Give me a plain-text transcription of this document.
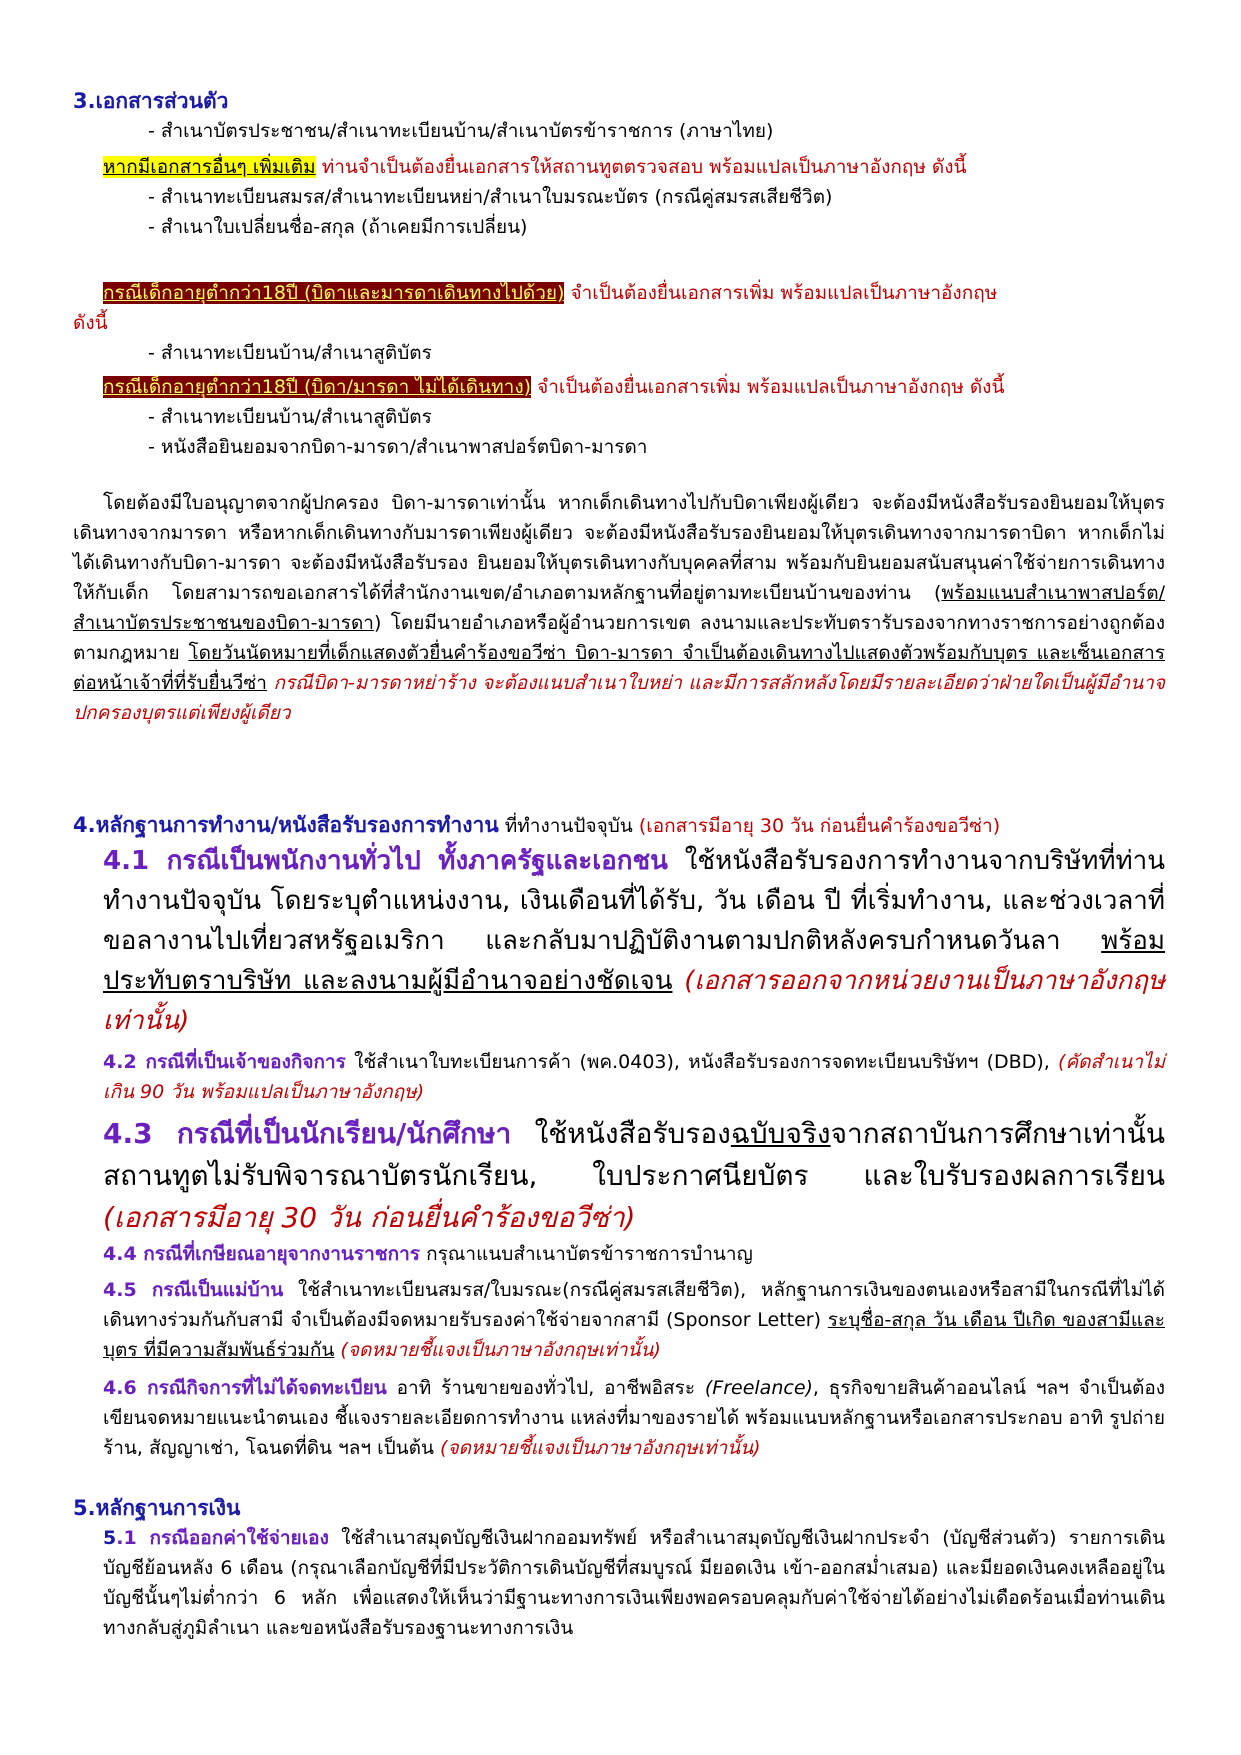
3.เอกสารส่วนตัว

- สำเนาบัตรประชาชน/สำเนาทะเบียนบ้าน/สำเนาบัตรข้าราชการ (ภาษาไทย)

หากมีเอกสารอื่นๆ เพิ่มเติม ท่านจำเป็นต้องยื่นเอกสารให้สถานทูตตรวจสอบ พร้อมแปลเป็นภาษาอังกฤษ ดังนี้

- สำเนาทะเบียนสมรส/สำเนาทะเบียนหย่า/สำเนาใบมรณะบัตร (กรณีคู่สมรสเสียชีวิต)

- สำเนาใบเปลี่ยนชื่อ-สกุล (ถ้าเคยมีการเปลี่ยน)

กรณีเด็กอายุต่ำกว่า18ปี (บิดาและมารดาเดินทางไปด้วย) จำเป็นต้องยื่นเอกสารเพิ่ม พร้อมแปลเป็นภาษาอังกฤษ

ดังนี้

- สำเนาทะเบียนบ้าน/สำเนาสูติบัตร

กรณีเด็กอายุต่ำกว่า18ปี (บิดา/มารดา ไม่ได้เดินทาง) จำเป็นต้องยื่นเอกสารเพิ่ม พร้อมแปลเป็นภาษาอังกฤษ ดังนี้

- สำเนาทะเบียนบ้าน/สำเนาสูติบัตร

- หนังสือยินยอมจากบิดา-มารดา/สำเนาพาสปอร์ตบิดา-มารดา

โดยต้องมีใบอนุญาตจากผู้ปกครอง บิดา-มารดาเท่านั้น หากเด็กเดินทางไปกับบิดาเพียงผู้เดียว จะต้องมีหนังสือรับรองยินยอมให้บุตรเดินทางจากมารดา หรือหากเด็กเดินทางกับมารดาเพียงผู้เดียว จะต้องมีหนังสือรับรองยินยอมให้บุตรเดินทางจากมารดาบิดา หากเด็กไม่ได้เดินทางกับบิดา-มารดา จะต้องมีหนังสือรับรอง ยินยอมให้บุตรเดินทางกับบุคคลที่สาม พร้อมกับยินยอมสนับสนุนค่าใช้จ่ายการเดินทางให้กับเด็ก โดยสามารถขอเอกสารได้ที่สำนักงานเขต/อำเภอตามหลักฐานที่อยู่ตามทะเบียนบ้านของท่าน (พร้อมแนบสำเนาพาสปอร์ต/สำเนาบัตรประชาชนของบิดา-มารดา) โดยมีนายอำเภอหรือผู้อำนวยการเขต ลงนามและประทับตรารับรองจากทางราชการอย่างถูกต้องตามกฎหมาย โดยวันนัดหมายที่เด็กแสดงตัวยื่นคำร้องขอวีซ่า บิดา-มารดา จำเป็นต้องเดินทางไปแสดงตัวพร้อมกับบุตร และเซ็นเอกสารต่อหน้าเจ้าที่ที่รับยื่นวีซ่า กรณีบิดา-มารดาหย่าร้าง จะต้องแนบสำเนาใบหย่า และมีการสลักหลังโดยมีรายละเอียดว่าฝ่ายใดเป็นผู้มีอำนาจปกครองบุตรแต่เพียงผู้เดียว

4.หลักฐานการทำงาน/หนังสือรับรองการทำงาน ที่ทำงานปัจจุบัน (เอกสารมีอายุ 30 วัน ก่อนยื่นคำร้องขอวีซ่า)

4.1 กรณีเป็นพนักงานทั่วไป ทั้งภาครัฐและเอกชน ใช้หนังสือรับรองการทำงานจากบริษัทที่ท่านทำงานปัจจุบัน โดยระบุตำแหน่งงาน, เงินเดือนที่ได้รับ, วัน เดือน ปี ที่เริ่มทำงาน, และช่วงเวลาที่ขอลางานไปเที่ยวสหรัฐอเมริกา และกลับมาปฏิบัติงานตามปกติหลังครบกำหนดวันลา พร้อมประทับตราบริษัท และลงนามผู้มีอำนาจอย่างชัดเจน (เอกสารออกจากหน่วยงานเป็นภาษาอังกฤษเท่านั้น)

4.2 กรณีที่เป็นเจ้าของกิจการ ใช้สำเนาใบทะเบียนการค้า (พค.0403), หนังสือรับรองการจดทะเบียนบริษัทฯ (DBD), (คัดสำเนาไม่เกิน 90 วัน พร้อมแปลเป็นภาษาอังกฤษ)

4.3 กรณีที่เป็นนักเรียน/นักศึกษา ใช้หนังสือรับรองฉบับจริงจากสถาบันการศึกษาเท่านั้น สถานทูตไม่รับพิจารณาบัตรนักเรียน, ใบประกาศนียบัตร และใบรับรองผลการเรียน (เอกสารมีอายุ 30 วัน ก่อนยื่นคำร้องขอวีซ่า)

4.4 กรณีที่เกษียณอายุจากงานราชการ กรุณาแนบสำเนาบัตรข้าราชการบำนาญ

4.5 กรณีเป็นแม่บ้าน ใช้สำเนาทะเบียนสมรส/ใบมรณะ(กรณีคู่สมรสเสียชีวิต), หลักฐานการเงินของตนเองหรือสามีในกรณีที่ไม่ได้เดินทางร่วมกันกับสามี จำเป็นต้องมีจดหมายรับรองค่าใช้จ่ายจากสามี (Sponsor Letter) ระบุชื่อ-สกุล วัน เดือน ปีเกิด ของสามีและบุตร ที่มีความสัมพันธ์ร่วมกัน (จดหมายชี้แจงเป็นภาษาอังกฤษเท่านั้น)

4.6 กรณีกิจการที่ไม่ได้จดทะเบียน อาทิ ร้านขายของทั่วไป, อาชีพอิสระ (Freelance), ธุรกิจขายสินค้าออนไลน์ ฯลฯ จำเป็นต้องเขียนจดหมายแนะนำตนเอง ชี้แจงรายละเอียดการทำงาน แหล่งที่มาของรายได้ พร้อมแนบหลักฐานหรือเอกสารประกอบ อาทิ รูปถ่ายร้าน, สัญญาเช่า, โฉนดที่ดิน ฯลฯ เป็นต้น (จดหมายชี้แจงเป็นภาษาอังกฤษเท่านั้น)

5.หลักฐานการเงิน

5.1 กรณีออกค่าใช้จ่ายเอง ใช้สำเนาสมุดบัญชีเงินฝากออมทรัพย์ หรือสำเนาสมุดบัญชีเงินฝากประจำ (บัญชีส่วนตัว) รายการเดินบัญชีย้อนหลัง 6 เดือน (กรุณาเลือกบัญชีที่มีประวัติการเดินบัญชีที่สมบูรณ์ มียอดเงิน เข้า-ออกสม่ำเสมอ) และมียอดเงินคงเหลืออยู่ในบัญชีนั้นๆไม่ต่ำกว่า 6 หลัก เพื่อแสดงให้เห็นว่ามีฐานะทางการเงินเพียงพอครอบคลุมกับค่าใช้จ่ายได้อย่างไม่เดือดร้อนเมื่อท่านเดินทางกลับสู่ภูมิลำเนา และขอหนังสือรับรองฐานะทางการเงิน
